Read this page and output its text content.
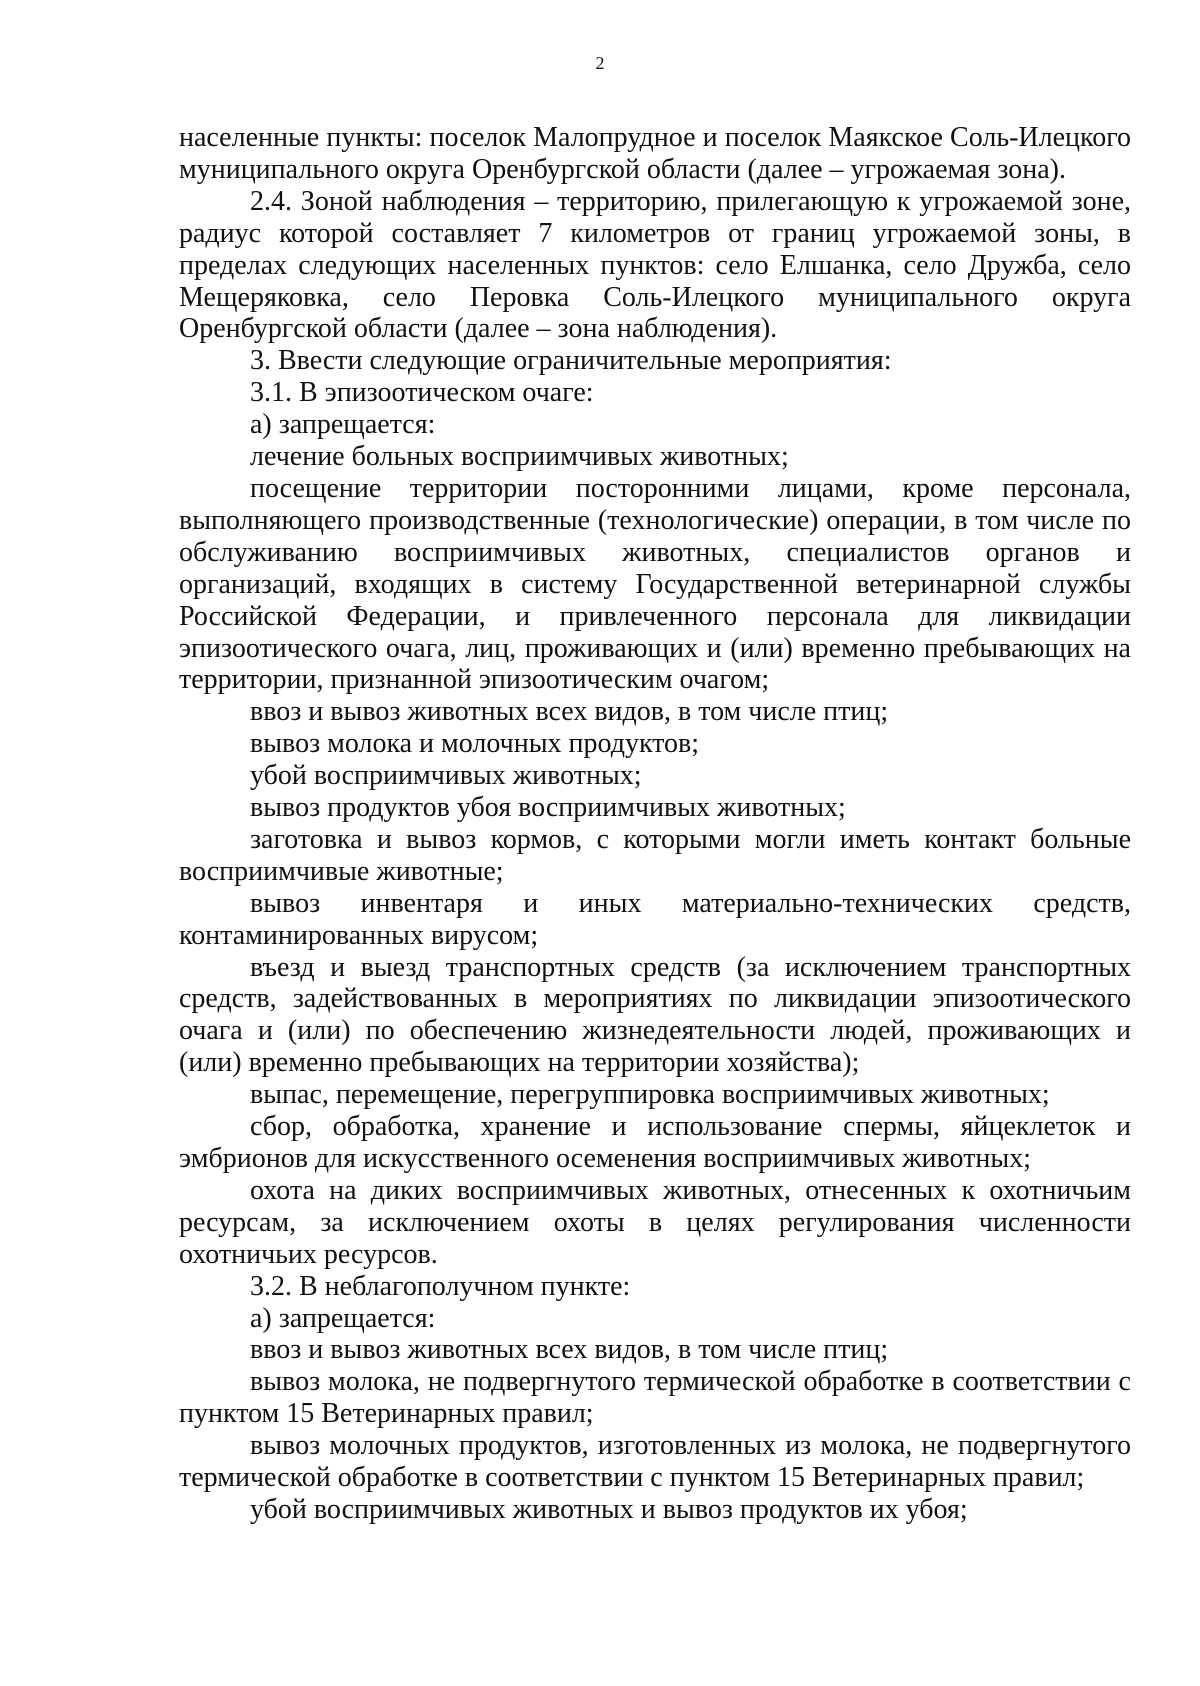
2

населенные пункты: поселок Малопрудное и поселок Маякское Соль-Илецкого муниципального округа Оренбургской области (далее – угрожаемая зона).

2.4. Зоной наблюдения – территорию, прилегающую к угрожаемой зоне, радиус которой составляет 7 километров от границ угрожаемой зоны, в пределах следующих населенных пунктов: село Елшанка, село Дружба, село Мещеряковка, село Перовка Соль-Илецкого муниципального округа Оренбургской области (далее – зона наблюдения).

3. Ввести следующие ограничительные мероприятия:

3.1. В эпизоотическом очаге:

а) запрещается:

лечение больных восприимчивых животных;

посещение территории посторонними лицами, кроме персонала, выполняющего производственные (технологические) операции, в том числе по обслуживанию восприимчивых животных, специалистов органов и организаций, входящих в систему Государственной ветеринарной службы Российской Федерации, и привлеченного персонала для ликвидации эпизоотического очага, лиц, проживающих и (или) временно пребывающих на территории, признанной эпизоотическим очагом;

ввоз и вывоз животных всех видов, в том числе птиц;

вывоз молока и молочных продуктов;

убой восприимчивых животных;

вывоз продуктов убоя восприимчивых животных;

заготовка и вывоз кормов, с которыми могли иметь контакт больные восприимчивые животные;

вывоз инвентаря и иных материально-технических средств, контаминированных вирусом;

въезд и выезд транспортных средств (за исключением транспортных средств, задействованных в мероприятиях по ликвидации эпизоотического очага и (или) по обеспечению жизнедеятельности людей, проживающих и (или) временно пребывающих на территории хозяйства);

выпас, перемещение, перегруппировка восприимчивых животных;

сбор, обработка, хранение и использование спермы, яйцеклеток и эмбрионов для искусственного осеменения восприимчивых животных;

охота на диких восприимчивых животных, отнесенных к охотничьим ресурсам, за исключением охоты в целях регулирования численности охотничьих ресурсов.

3.2. В неблагополучном пункте:

а) запрещается:

ввоз и вывоз животных всех видов, в том числе птиц;

вывоз молока, не подвергнутого термической обработке в соответствии с пунктом 15 Ветеринарных правил;

вывоз молочных продуктов, изготовленных из молока, не подвергнутого термической обработке в соответствии с пунктом 15 Ветеринарных правил;

убой восприимчивых животных и вывоз продуктов их убоя;
